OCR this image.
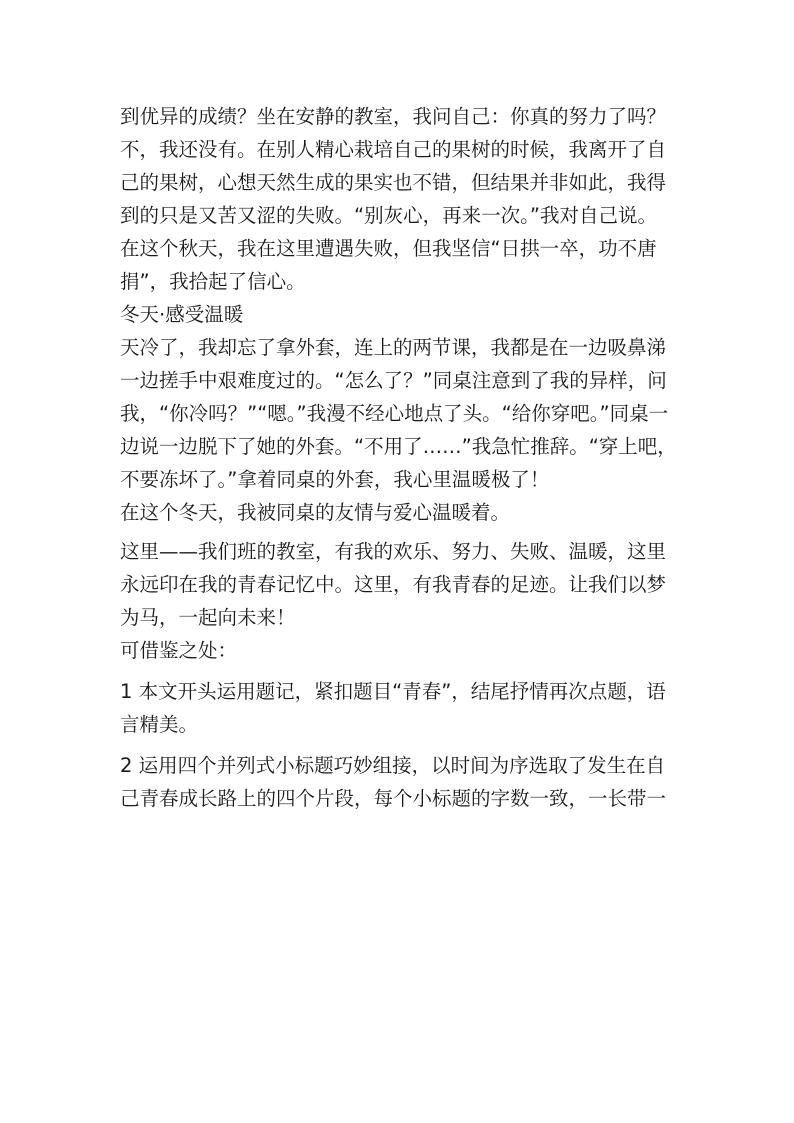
到优异的成绩？坐在安静的教室，我问自己：你真的努力了吗？
不，我还没有。在别人精心栽培自己的果树的时候，我离开了自
己的果树，心想天然生成的果实也不错，但结果并非如此，我得
到的只是又苦又涩的失败。“别灰心，再来一次。”我对自己说。
在这个秋天，我在这里遭遇失败，但我坚信“日拱一卒，功不唐
捐”，我拾起了信心。
冬天·感受温暖
天冷了，我却忘了拿外套，连上的两节课，我都是在一边吸鼻涕
一边搓手中艰难度过的。“怎么了？”同桌注意到了我的异样，问
我，“你冷吗？”“嗯。”我漫不经心地点了头。“给你穿吧。”同桌一
边说一边脱下了她的外套。“不用了……”我急忙推辞。“穿上吧，
不要冻坏了。”拿着同桌的外套，我心里温暖极了！
在这个冬天，我被同桌的友情与爱心温暖着。
这里——我们班的教室，有我的欢乐、努力、失败、温暖，这里
永远印在我的青春记忆中。这里，有我青春的足迹。让我们以梦
为马，一起向未来！
可借鉴之处：
1 本文开头运用题记，紧扣题目“青春”，结尾抒情再次点题，语
言精美。
2 运用四个并列式小标题巧妙组接，以时间为序选取了发生在自
己青春成长路上的四个片段，每个小标题的字数一致，一长带一
